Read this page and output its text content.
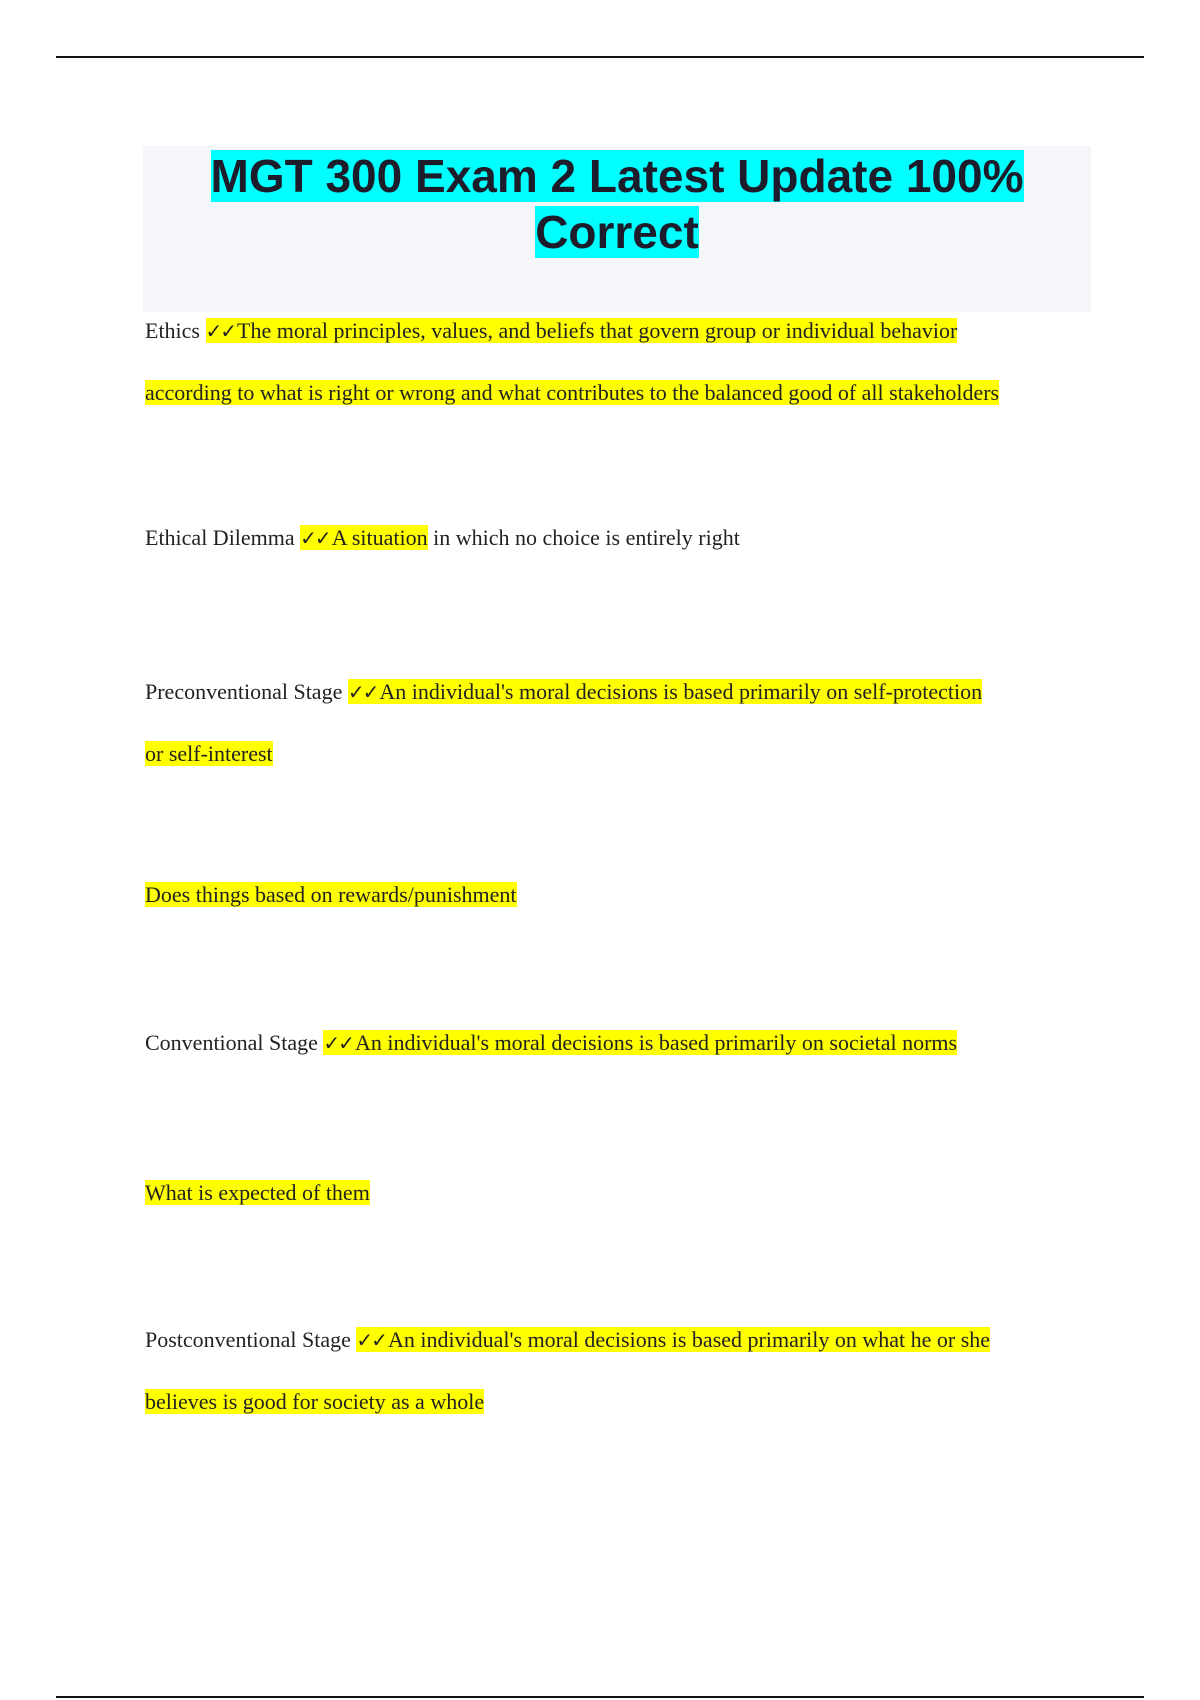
MGT 300 Exam 2 Latest Update 100%
Correct

Ethics ✓✓The moral principles, values, and beliefs that govern group or individual behavior
according to what is right or wrong and what contributes to the balanced good of all stakeholders

Ethical Dilemma ✓✓A situation in which no choice is entirely right

Preconventional Stage ✓✓An individual's moral decisions is based primarily on self-protection
or self-interest

Does things based on rewards/punishment

Conventional Stage ✓✓An individual's moral decisions is based primarily on societal norms

What is expected of them

Postconventional Stage ✓✓An individual's moral decisions is based primarily on what he or she
believes is good for society as a whole
